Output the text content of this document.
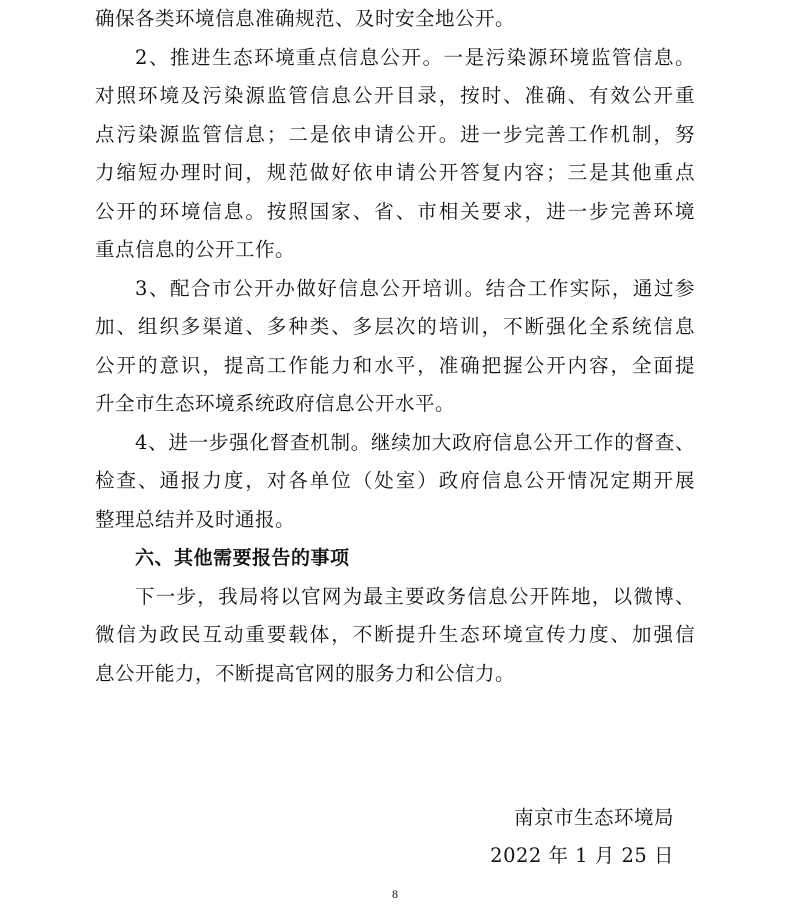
确保各类环境信息准确规范、及时安全地公开。
2、推进生态环境重点信息公开。一是污染源环境监管信息。
对照环境及污染源监管信息公开目录，按时、准确、有效公开重
点污染源监管信息；二是依申请公开。进一步完善工作机制，努
力缩短办理时间，规范做好依申请公开答复内容；三是其他重点
公开的环境信息。按照国家、省、市相关要求，进一步完善环境
重点信息的公开工作。
3、配合市公开办做好信息公开培训。结合工作实际，通过参
加、组织多渠道、多种类、多层次的培训，不断强化全系统信息
公开的意识，提高工作能力和水平，准确把握公开内容，全面提
升全市生态环境系统政府信息公开水平。
4、进一步强化督查机制。继续加大政府信息公开工作的督查、
检查、通报力度，对各单位（处室）政府信息公开情况定期开展
整理总结并及时通报。
六、其他需要报告的事项
下一步，我局将以官网为最主要政务信息公开阵地，以微博、
微信为政民互动重要载体，不断提升生态环境宣传力度、加强信
息公开能力，不断提高官网的服务力和公信力。
南京市生态环境局
2022 年 1 月 25 日
8
